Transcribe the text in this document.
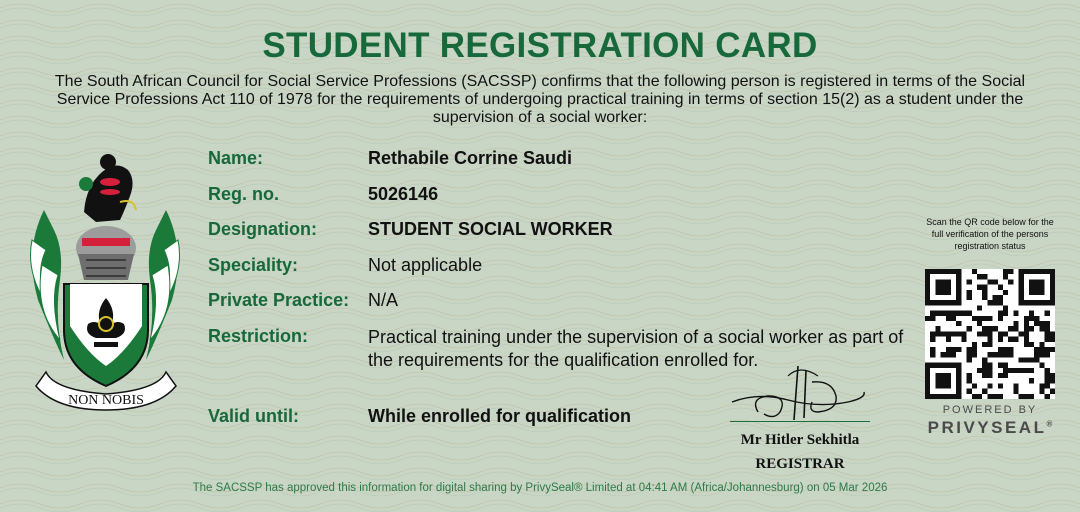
STUDENT REGISTRATION CARD
The South African Council for Social Service Professions (SACSSP) confirms that the following person is registered in terms of the Social Service Professions Act 110 of 1978 for the requirements of undergoing practical training in terms of section 15(2) as a student under the supervision of a social worker:
NON NOBIS
Name:	Rethabile Corrine Saudi
Reg. no.	5026146
Designation:	STUDENT SOCIAL WORKER
Speciality:	Not applicable
Private Practice: N/A
Restriction:	Practical training under the supervision of a social worker as part of the requirements for the qualification enrolled for.
Valid until:	While enrolled for qualification
Mr Hitler Sekhitla
REGISTRAR
Scan the QR code below for the full verification of the persons registration status
POWERED BY
PRIVYSEAL®
The SACSSP has approved this information for digital sharing by PrivySeal® Limited at 04:41 AM (Africa/Johannesburg) on 05 Mar 2026
